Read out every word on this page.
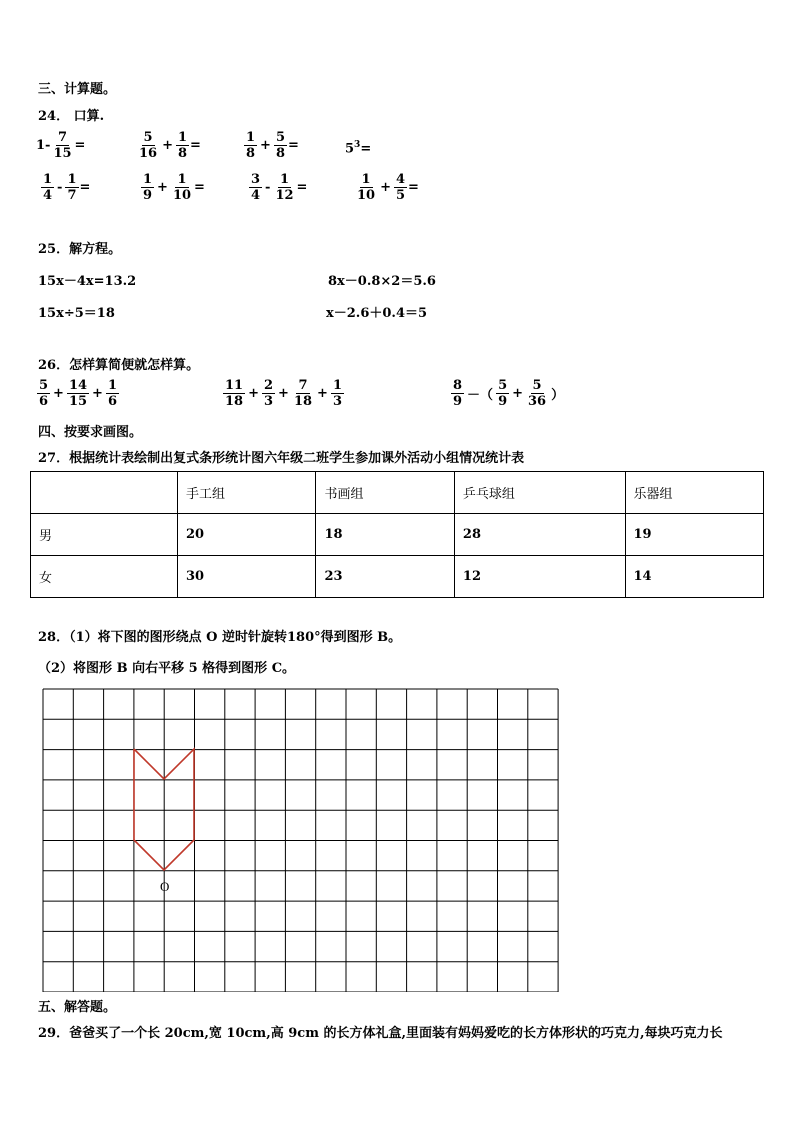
三、计算题。
24． 口算.
$1- \frac{7}{15}$ =	$\frac{5}{16} + \frac{1}{8}$ =	$\frac{1}{8} + \frac{5}{8}$ =	$5^3=$
$\frac{1}{4} - \frac{1}{7}$ =	$\frac{1}{9} + \frac{1}{10}$ =	$\frac{3}{4} - \frac{1}{12}$ =	$\frac{1}{10} + \frac{4}{5}$ =
25．解方程。
15x－4x=13.2	8x－0.8×2＝5.6
15x÷5＝18	x－2.6＋0.4＝5
26．怎样算简便就怎样算。
$\frac{5}{6} + \frac{14}{15} + \frac{1}{6}$	$\frac{11}{18} + \frac{2}{3} + \frac{7}{18} + \frac{1}{3}$	$\frac{8}{9}$ －（ $\frac{5}{9} + \frac{5}{36}$ ）
四、按要求画图。
27．根据统计表绘制出复式条形统计图六年级二班学生参加课外活动小组情况统计表
	手工组	书画组	乒乓球组	乐器组
男	20	18	28	19
女	30	23	12	14
28．（1）将下图的图形绕点 O 逆时针旋转180°得到图形 B。
（2）将图形 B 向右平移 5 格得到图形 C。
O
五、解答题。
29．爸爸买了一个长 20cm,宽 10cm,高 9cm 的长方体礼盒,里面装有妈妈爱吃的长方体形状的巧克力,每块巧克力长
